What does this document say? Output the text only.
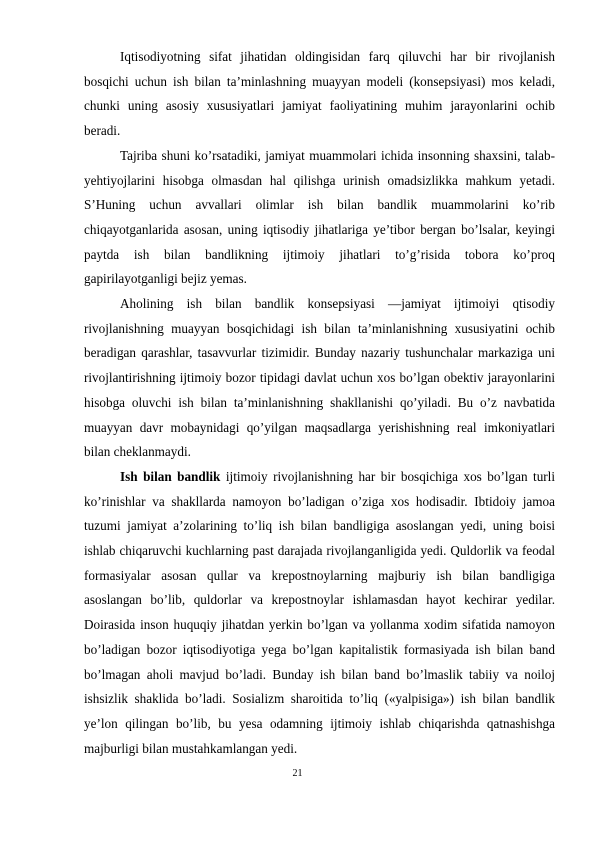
Iqtisodiyotning sifat jihatidan oldingisidan farq qiluvchi har bir rivojlanish bosqichi uchun ish bilan ta’minlashning muayyan modeli (konsepsiyasi) mos keladi, chunki uning asosiy xususiyatlari jamiyat faoliyatining muhim jarayonlarini ochib beradi.

Tajriba shuni ko’rsatadiki, jamiyat muammolari ichida insonning shaxsini, talab-yehtiyojlarini hisobga olmasdan hal qilishga urinish omadsizlikka mahkum yetadi. S’Huning uchun avvallari olimlar ish bilan bandlik muammolarini ko’rib chiqayotganlarida asosan, uning iqtisodiy jihatlariga ye’tibor bergan bo’lsalar, keyingi paytda ish bilan bandlikning ijtimoiy jihatlari to’g’risida tobora ko’proq gapirilayotganligi bejiz yemas.

Aholining ish bilan bandlik konsepsiyasi —jamiyat ijtimoiyi qtisodiy rivojlanishning muayyan bosqichidagi ish bilan ta’minlanishning xususiyatini ochib beradigan qarashlar, tasavvurlar tizimidir. Bunday nazariy tushunchalar markaziga uni rivojlantirishning ijtimoiy bozor tipidagi davlat uchun xos bo’lgan obektiv jarayonlarini hisobga oluvchi ish bilan ta’minlanishning shakllanishi qo’yiladi. Bu o’z navbatida muayyan davr mobaynidagi qo’yilgan maqsadlarga yerishishning real imkoniyatlari bilan cheklanmaydi.

Ish bilan bandlik ijtimoiy rivojlanishning har bir bosqichiga xos bo’lgan turli ko’rinishlar va shakllarda namoyon bo’ladigan o’ziga xos hodisadir. Ibtidoiy jamoa tuzumi jamiyat a’zolarining to’liq ish bilan bandligiga asoslangan yedi, uning boisi ishlab chiqaruvchi kuchlarning past darajada rivojlanganligida yedi. Quldorlik va feodal formasiyalar asosan qullar va krepostnoylarning majburiy ish bilan bandligiga asoslangan bo’lib, quldorlar va krepostnoylar ishlamasdan hayot kechirar yedilar. Doirasida inson huquqiy jihatdan yerkin bo’lgan va yollanma xodim sifatida namoyon bo’ladigan bozor iqtisodiyotiga yega bo’lgan kapitalistik formasiyada ish bilan band bo’lmagan aholi mavjud bo’ladi. Bunday ish bilan band bo’lmaslik tabiiy va noiloj ishsizlik shaklida bo’ladi. Sosializm sharoitida to’liq («yalpisiga») ish bilan bandlik ye’lon qilingan bo’lib, bu yesa odamning ijtimoiy ishlab chiqarishda qatnashishga majburligi bilan mustahkamlangan yedi.

21
